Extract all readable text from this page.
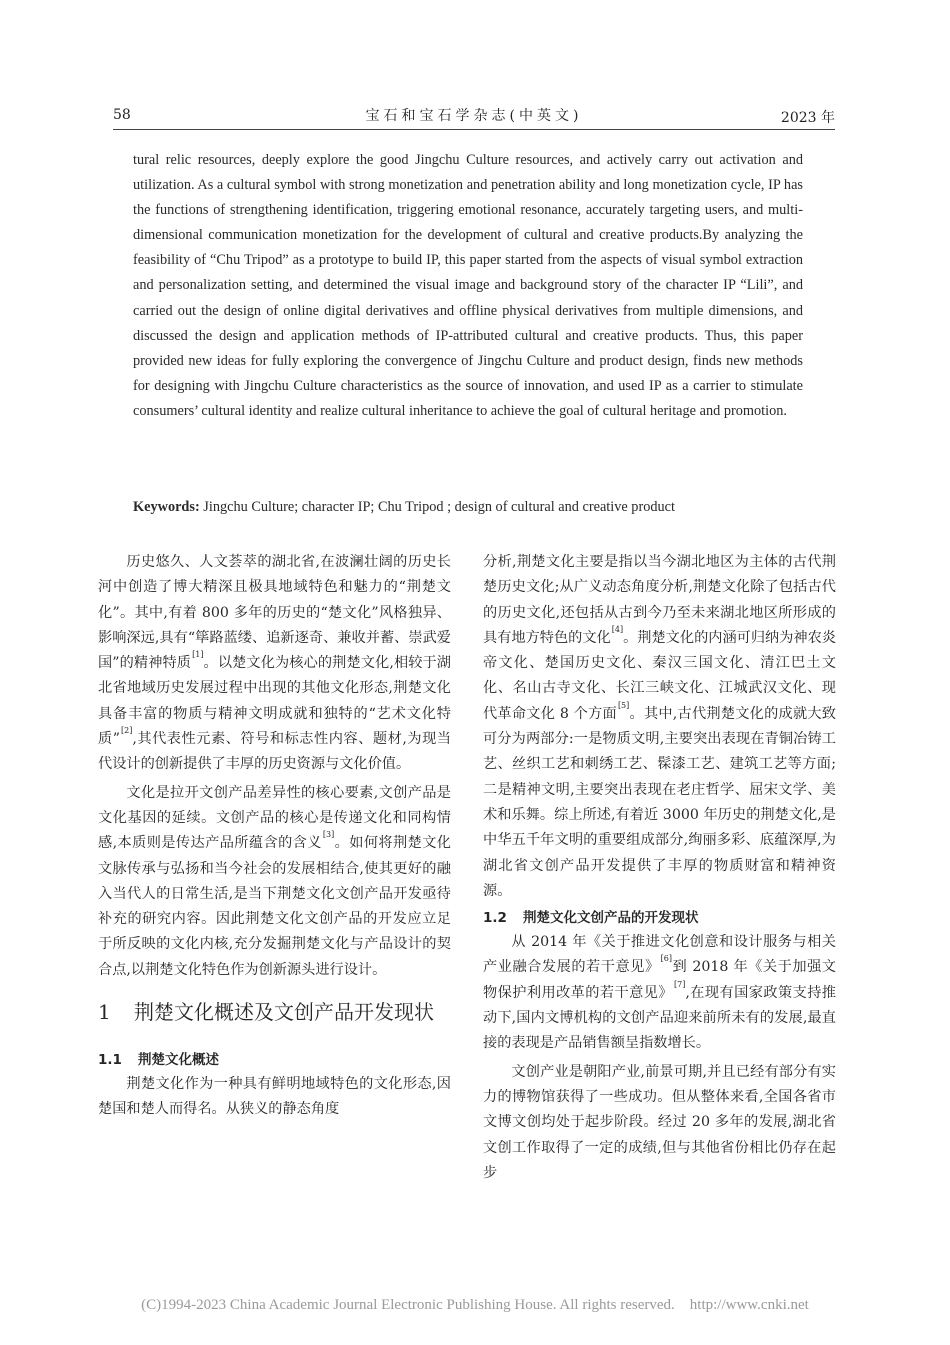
58	宝石和宝石学杂志(中英文)	2023 年

tural relic resources, deeply explore the good Jingchu Culture resources, and actively carry out activation and utilization. As a cultural symbol with strong monetization and penetration ability and long monetization cycle, IP has the functions of strengthening identification, triggering emotional resonance, accurately targeting users, and multi-dimensional communication monetization for the development of cultural and creative products.By analyzing the feasibility of “Chu Tripod” as a prototype to build IP, this paper started from the aspects of visual symbol extraction and personalization setting, and determined the visual image and background story of the character IP “Lili”, and carried out the design of online digital derivatives and offline physical derivatives from multiple dimensions, and discussed the design and application methods of IP-attributed cultural and creative products. Thus, this paper provided new ideas for fully exploring the convergence of Jingchu Culture and product design, finds new methods for designing with Jingchu Culture characteristics as the source of innovation, and used IP as a carrier to stimulate consumers’ cultural identity and realize cultural inheritance to achieve the goal of cultural heritage and promotion.

Keywords: Jingchu Culture; character IP; Chu Tripod ; design of cultural and creative product

历史悠久、人文荟萃的湖北省,在波澜壮阔的历史长河中创造了博大精深且极具地域特色和魅力的“荆楚文化”。其中,有着 800 多年的历史的“楚文化”风格独异、影响深远,具有“筚路蓝缕、追新逐奇、兼收并蓄、崇武爱国”的精神特质[1]。以楚文化为核心的荆楚文化,相较于湖北省地域历史发展过程中出现的其他文化形态,荆楚文化具备丰富的物质与精神文明成就和独特的“艺术文化特质”[2],其代表性元素、符号和标志性内容、题材,为现当代设计的创新提供了丰厚的历史资源与文化价值。

文化是拉开文创产品差异性的核心要素,文创产品是文化基因的延续。文创产品的核心是传递文化和同构情感,本质则是传达产品所蕴含的含义[3]。如何将荆楚文化文脉传承与弘扬和当今社会的发展相结合,使其更好的融入当代人的日常生活,是当下荆楚文化文创产品开发亟待补充的研究内容。因此荆楚文化文创产品的开发应立足于所反映的文化内核,充分发掘荆楚文化与产品设计的契合点,以荆楚文化特色作为创新源头进行设计。

1	荆楚文化概述及文创产品开发现状
1.1 荆楚文化概述

荆楚文化作为一种具有鲜明地域特色的文化形态,因楚国和楚人而得名。从狭义的静态角度

分析,荆楚文化主要是指以当今湖北地区为主体的古代荆楚历史文化;从广义动态角度分析,荆楚文化除了包括古代的历史文化,还包括从古到今乃至未来湖北地区所形成的具有地方特色的文化[4]。荆楚文化的内涵可归纳为神农炎帝文化、楚国历史文化、秦汉三国文化、清江巴土文化、名山古寺文化、长江三峡文化、江城武汉文化、现代革命文化 8 个方面[5]。其中,古代荆楚文化的成就大致可分为两部分:一是物质文明,主要突出表现在青铜冶铸工艺、丝织工艺和刺绣工艺、髹漆工艺、建筑工艺等方面;二是精神文明,主要突出表现在老庄哲学、屈宋文学、美术和乐舞。综上所述,有着近 3000 年历史的荆楚文化,是中华五千年文明的重要组成部分,绚丽多彩、底蕴深厚,为湖北省文创产品开发提供了丰厚的物质财富和精神资源。

1.2 荆楚文化文创产品的开发现状

从 2014 年《关于推进文化创意和设计服务与相关产业融合发展的若干意见》[6]到 2018 年《关于加强文物保护利用改革的若干意见》[7],在现有国家政策支持推动下,国内文博机构的文创产品迎来前所未有的发展,最直接的表现是产品销售额呈指数增长。

文创产业是朝阳产业,前景可期,并且已经有部分有实力的博物馆获得了一些成功。但从整体来看,全国各省市文博文创均处于起步阶段。经过 20 多年的发展,湖北省文创工作取得了一定的成绩,但与其他省份相比仍存在起步

(C)1994-2023 China Academic Journal Electronic Publishing House. All rights reserved.    http://www.cnki.net
